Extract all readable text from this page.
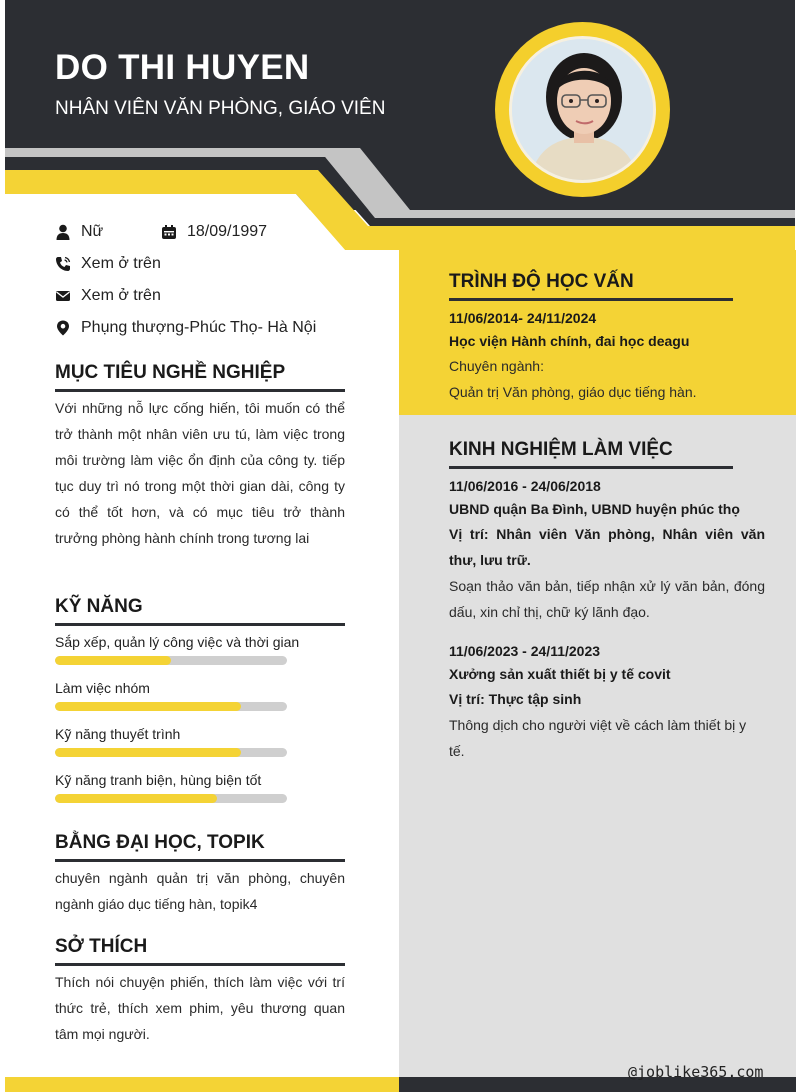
DO THI HUYEN
NHÂN VIÊN VĂN PHÒNG, GIÁO VIÊN
Nữ	18/09/1997
Xem ở trên
Xem ở trên
Phụng thượng-Phúc Thọ- Hà Nội
MỤC TIÊU NGHỀ NGHIỆP
Với những nỗ lực cống hiến, tôi muốn có thể trở thành một nhân viên ưu tú, làm việc trong môi trường làm việc ổn định của công ty. tiếp tục duy trì nó trong một thời gian dài, công ty có thể tốt hơn, và có mục tiêu trở thành trưởng phòng hành chính trong tương lai
KỸ NĂNG
Sắp xếp, quản lý công việc và thời gian
Làm việc nhóm
Kỹ năng thuyết trình
Kỹ năng tranh biện, hùng biện tốt
BẰNG ĐẠI HỌC, TOPIK
chuyên ngành quản trị văn phòng, chuyên ngành giáo dục tiếng hàn, topik4
SỞ THÍCH
Thích nói chuyện phiến, thích làm việc với trí thức trẻ, thích xem phim, yêu thương quan tâm mọi người.
TRÌNH ĐỘ HỌC VẤN
11/06/2014- 24/11/2024
Học viện Hành chính, đai học deagu
Chuyên ngành:
Quản trị Văn phòng, giáo dục tiếng hàn.
KINH NGHIỆM LÀM VIỆC
11/06/2016 - 24/06/2018
UBND quận Ba Đình, UBND huyện phúc thọ
Vị trí: Nhân viên Văn phòng, Nhân viên văn thư, lưu trữ.
Soạn thảo văn bản, tiếp nhận xử lý văn bản, đóng dấu, xin chỉ thị, chữ ký lãnh đạo.
11/06/2023 - 24/11/2023
Xưởng sản xuất thiết bị y tế covit
Vị trí: Thực tập sinh
Thông dịch cho người việt về cách làm thiết bị y tế.
@joblike365.com
